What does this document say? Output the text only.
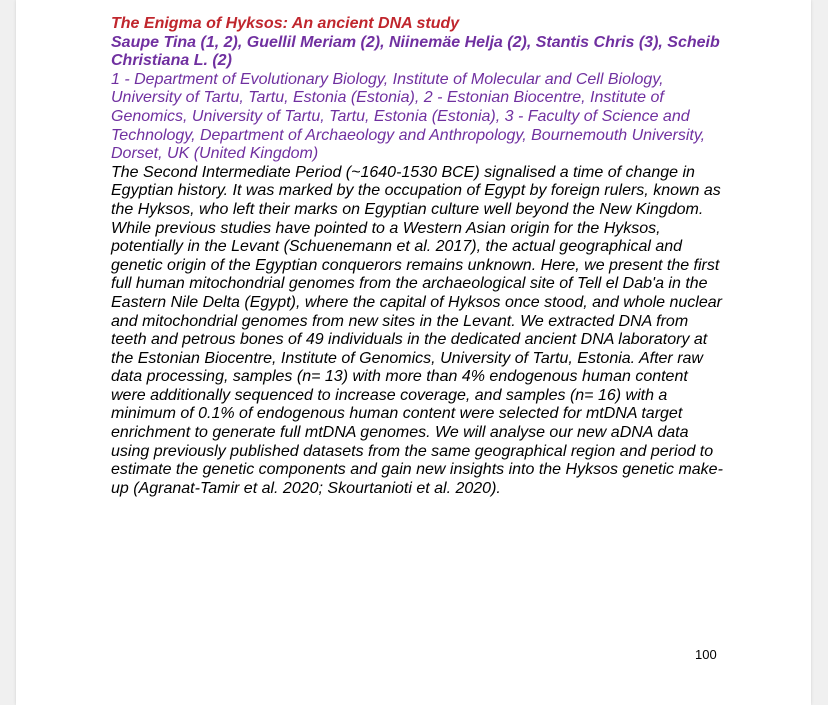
The Enigma of Hyksos: An ancient DNA study
Saupe Tina (1, 2), Guellil Meriam (2), Niinemäe Helja (2), Stantis Chris (3), Scheib Christiana L. (2)
1 - Department of Evolutionary Biology, Institute of Molecular and Cell Biology, University of Tartu, Tartu, Estonia (Estonia), 2 - Estonian Biocentre, Institute of Genomics, University of Tartu, Tartu, Estonia (Estonia), 3 - Faculty of Science and Technology, Department of Archaeology and Anthropology, Bournemouth University, Dorset, UK (United Kingdom)
The Second Intermediate Period (~1640-1530 BCE) signalised a time of change in Egyptian history. It was marked by the occupation of Egypt by foreign rulers, known as the Hyksos, who left their marks on Egyptian culture well beyond the New Kingdom. While previous studies have pointed to a Western Asian origin for the Hyksos, potentially in the Levant (Schuenemann et al. 2017), the actual geographical and genetic origin of the Egyptian conquerors remains unknown. Here, we present the first full human mitochondrial genomes from the archaeological site of Tell el Dab'a in the Eastern Nile Delta (Egypt), where the capital of Hyksos once stood, and whole nuclear and mitochondrial genomes from new sites in the Levant. We extracted DNA from teeth and petrous bones of 49 individuals in the dedicated ancient DNA laboratory at the Estonian Biocentre, Institute of Genomics, University of Tartu, Estonia. After raw data processing, samples (n= 13) with more than 4% endogenous human content were additionally sequenced to increase coverage, and samples (n= 16) with a minimum of 0.1% of endogenous human content were selected for mtDNA target enrichment to generate full mtDNA genomes. We will analyse our new aDNA data using previously published datasets from the same geographical region and period to estimate the genetic components and gain new insights into the Hyksos genetic make-up (Agranat-Tamir et al. 2020; Skourtanioti et al. 2020).
100
